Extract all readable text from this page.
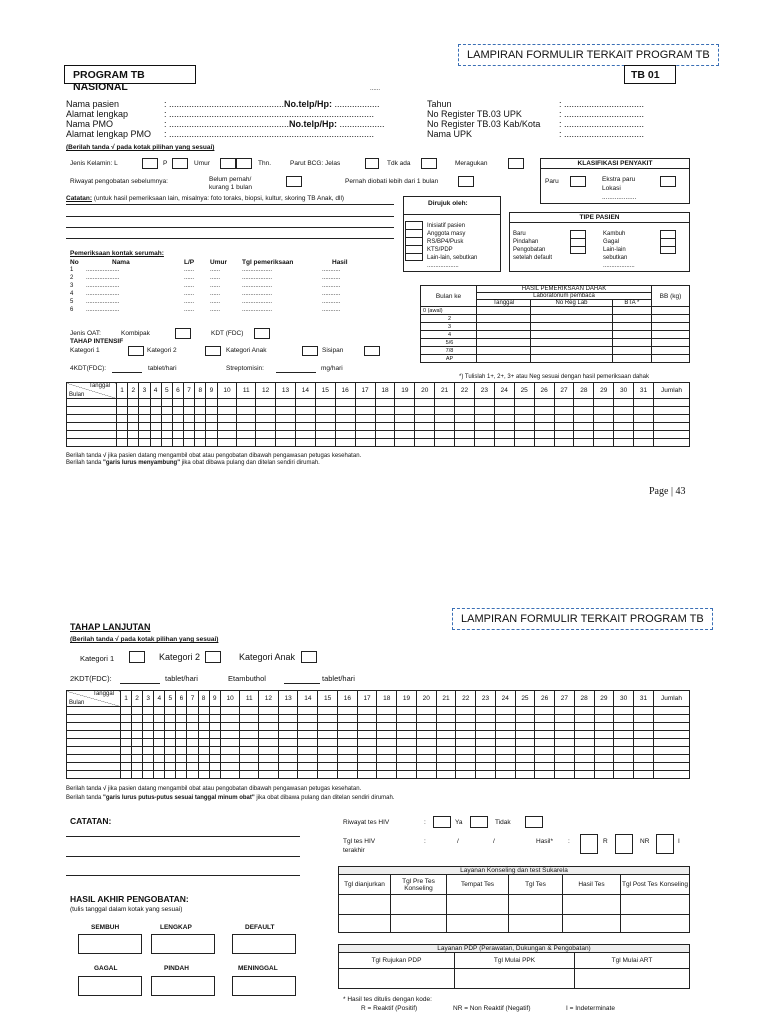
LAMPIRAN FORMULIR TERKAIT PROGRAM TB
PROGRAM TB NASIONAL
TB 01
......
Nama pasien	: ..............................................No.telp/Hp: ..................
Alamat lengkap	: ..................................................................................
Nama PMO	: ................................................No.telp/Hp: ..................
Alamat lengkap PMO : ..................................................................................
Tahun	: ................................
No Register TB.03 UPK	: ................................
No Register TB.03 Kab/Kota : ................................
Nama UPK	: ................................
(Berilah tanda √ pada kotak pilihan yang sesuai)
Jenis Kelamin: L	P	Umur	Thn.	Parut BCG: Jelas	Tdk ada	Meragukan	KLASIFIKASI PENYAKIT
Paru	Ekstra paru
Lokasi
...................
Riwayat pengobatan sebelumnya:	Belum pernah/
kurang 1 bulan
Pernah diobati lebih dari 1 bulan
Catatan: (untuk hasil pemeriksaan lain, misalnya: foto toraks, biopsi, kultur, skoring TB Anak, dll)
Dirujuk oleh:
Inisiatif pasien
Anggota masy
RS/BP4/Pusk
KTS/PDP
Lain-lain, sebutkan
...................
TIPE PASIEN
Baru
Pindahan
Pengobatan
setelah default
Kambuh
Gagal
Lain-lain
sebutkan
...................
Pemeriksaan kontak serumah:
No	Nama	L/P Umur Tgl pemeriksaan	Hasil
1 ....................	......	......	..................	...........
2 ....................	......	......	..................	...........
3 ....................	......	......	..................	...........
4 ....................	......	......	..................	...........
5 ....................	......	......	..................	...........
6 ....................	......	......	..................	...........
Bulan ke	HASIL PEMERIKSAAN DAHAK			BB (kg)
	Laboratorium pembaca			
	Tanggal	No Reg Lab	BTA *	
0 (awal)				
2				
3				
4				
5/6				
7/8				
AP				
*) Tulislah 1+, 2+, 3+ atau Neg sesuai dengan hasil pemeriksaan dahak
Jenis OAT:	Kombipak	KDT (FDC)
TAHAP INTENSIF
Kategori 1	Kategori 2	Kategori Anak	Sisipan
4KDT(FDC):	tablet/hari	Streptomisin:	mg/hari
Tanggal
Bulan	1	2	3	4	5	6	7	8	9	10	11	12	13	14	15	16	17	18	19	20	21	22	23	24	25	26	27	28	29	30	31	Jumlah

Berilah tanda √ jika pasien datang mengambil obat atau pengobatan dibawah pengawasan petugas kesehatan.
Berilah tanda "garis lurus menyambung" jika obat dibawa pulang dan ditelan sendiri dirumah.
Page | 43
LAMPIRAN FORMULIR TERKAIT PROGRAM TB
TAHAP LANJUTAN
(Berilah tanda √ pada kotak pilihan yang sesuai)
Kategori 1	Kategori 2	Kategori Anak
2KDT(FDC):	tablet/hari	Etambuthol	tablet/hari
Tanggal
Bulan	1	2	3	4	5	6	7	8	9	10	11	12	13	14	15	16	17	18	19	20	21	22	23	24	25	26	27	28	29	30	31	Jumlah

Berilah tanda √ jika pasien datang mengambil obat atau pengobatan dibawah pengawasan petugas kesehatan.
Berilah tanda "garis lurus putus-putus sesuai tanggal minum obat" jika obat dibawa pulang dan ditelan sendiri dirumah.
CATATAN:	Riwayat tes HIV	:	Ya	Tidak
Tgl tes HIV
terakhir
:	/	/	Hasil* :	R	NR	I
Layanan Konseling dan test Sukarela					
Tgl dianjurkan	Tgl Pre Tes Konseling	Tempat Tes	Tgl Tes	Hasil Tes	Tgl Post Tes Konseling

HASIL AKHIR PENGOBATAN:
(tulis tanggal dalam kotak yang sesuai)
SEMBUH	LENGKAP	DEFAULT
GAGAL	PINDAH	MENINGGAL
Layanan PDP (Perawatan, Dukungan & Pengobatan)		
Tgl Rujukan PDP	Tgl Mulai PPK	Tgl Mulai ART

* Hasil tes ditulis dengan kode:
R = Reaktif (Positif)	NR = Non Reaktif (Negatif)	I = Indeterminate
